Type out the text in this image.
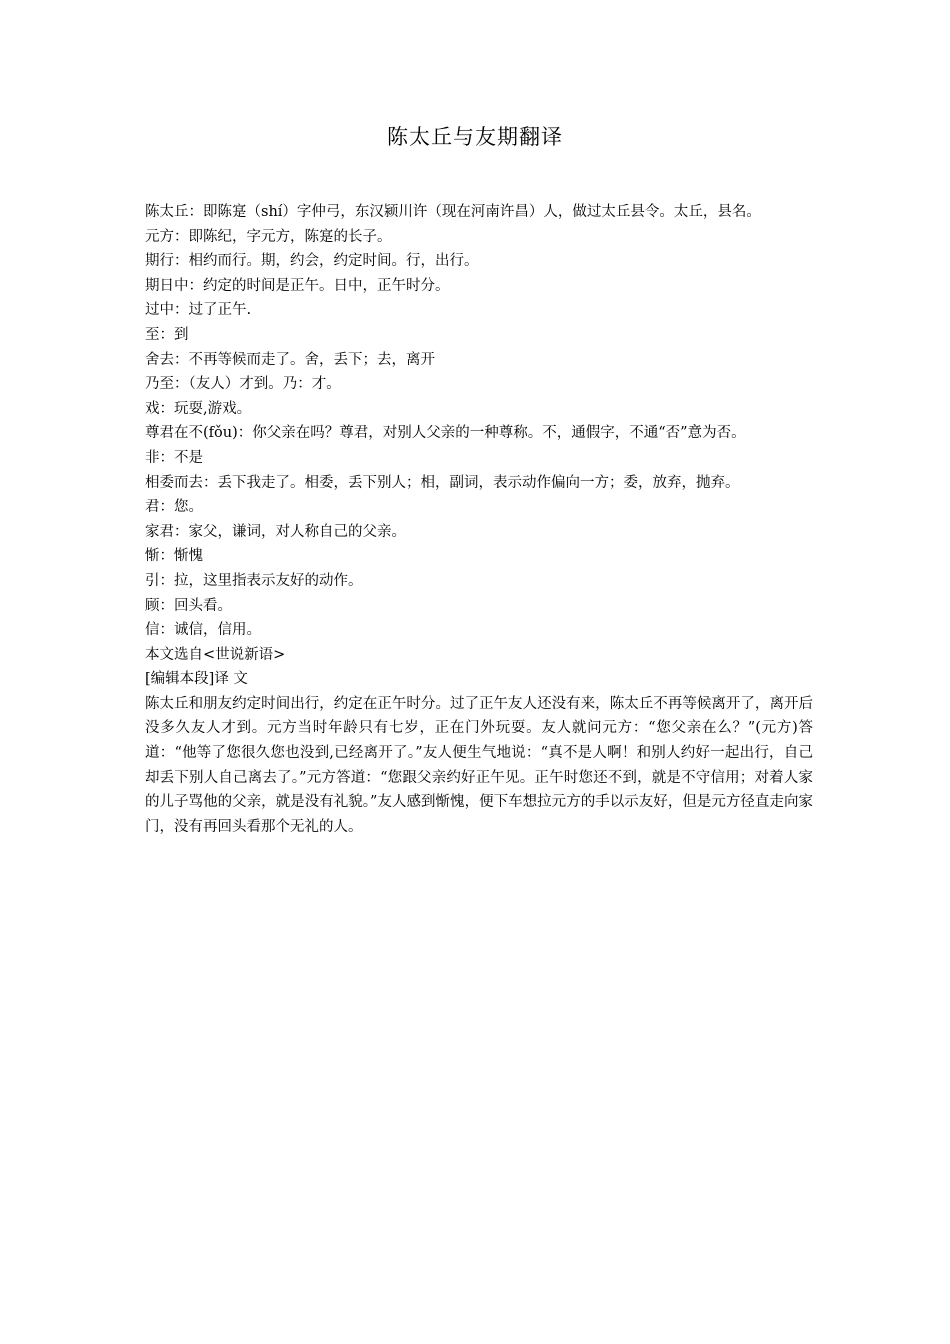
陈太丘与友期翻译

陈太丘：即陈寔（shí）字仲弓，东汉颍川许（现在河南许昌）人，做过太丘县令。太丘，县名。

元方：即陈纪，字元方，陈寔的长子。

期行：相约而行。期，约会，约定时间。行，出行。

期日中：约定的时间是正午。日中，正午时分。

过中：过了正午.

至：到

舍去：不再等候而走了。舍，丢下；去，离开

乃至：（友人）才到。乃：才。

戏：玩耍,游戏。

尊君在不(fǒu)：你父亲在吗？尊君，对别人父亲的一种尊称。不，通假字，不通“否”意为否。

非：不是

相委而去：丢下我走了。相委，丢下别人；相，副词，表示动作偏向一方；委，放弃，抛弃。

君：您。

家君：家父，谦词，对人称自己的父亲。

惭：惭愧

引：拉，这里指表示友好的动作。

顾：回头看。

信：诚信，信用。

本文选自<世说新语>

[编辑本段]译 文

陈太丘和朋友约定时间出行，约定在正午时分。过了正午友人还没有来，陈太丘不再等候离开了，离开后没多久友人才到。元方当时年龄只有七岁，正在门外玩耍。友人就问元方：“您父亲在么？”(元方)答道：“他等了您很久您也没到,已经离开了。”友人便生气地说：“真不是人啊！和别人约好一起出行，自己却丢下别人自己离去了。”元方答道：“您跟父亲约好正午见。正午时您还不到，就是不守信用；对着人家的儿子骂他的父亲，就是没有礼貌。”友人感到惭愧，便下车想拉元方的手以示友好，但是元方径直走向家门，没有再回头看那个无礼的人。
